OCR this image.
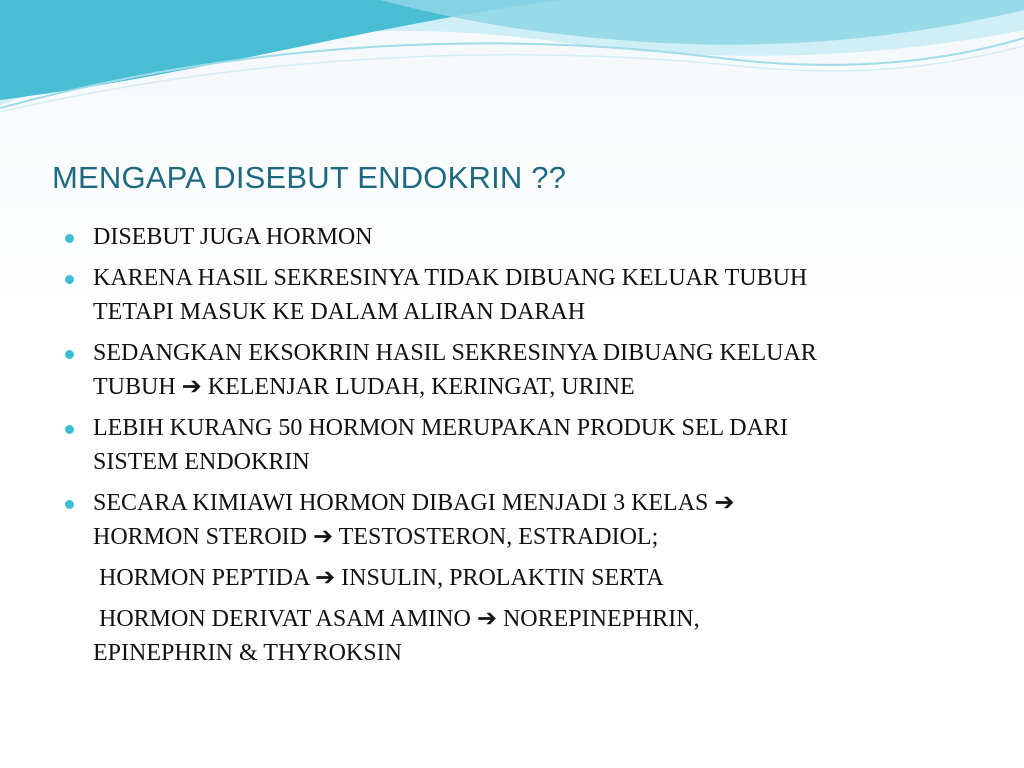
MENGAPA DISEBUT ENDOKRIN ??
DISEBUT JUGA HORMON
KARENA HASIL SEKRESINYA TIDAK DIBUANG KELUAR TUBUH
TETAPI MASUK KE DALAM ALIRAN DARAH
SEDANGKAN EKSOKRIN HASIL SEKRESINYA DIBUANG KELUAR
TUBUH ➔ KELENJAR LUDAH, KERINGAT, URINE
LEBIH KURANG 50 HORMON MERUPAKAN PRODUK SEL DARI
SISTEM ENDOKRIN
SECARA KIMIAWI HORMON DIBAGI MENJADI 3 KELAS ➔
HORMON STEROID ➔ TESTOSTERON, ESTRADIOL;
HORMON PEPTIDA ➔ INSULIN, PROLAKTIN SERTA
HORMON DERIVAT ASAM AMINO ➔ NOREPINEPHRIN,
EPINEPHRIN & THYROKSIN
